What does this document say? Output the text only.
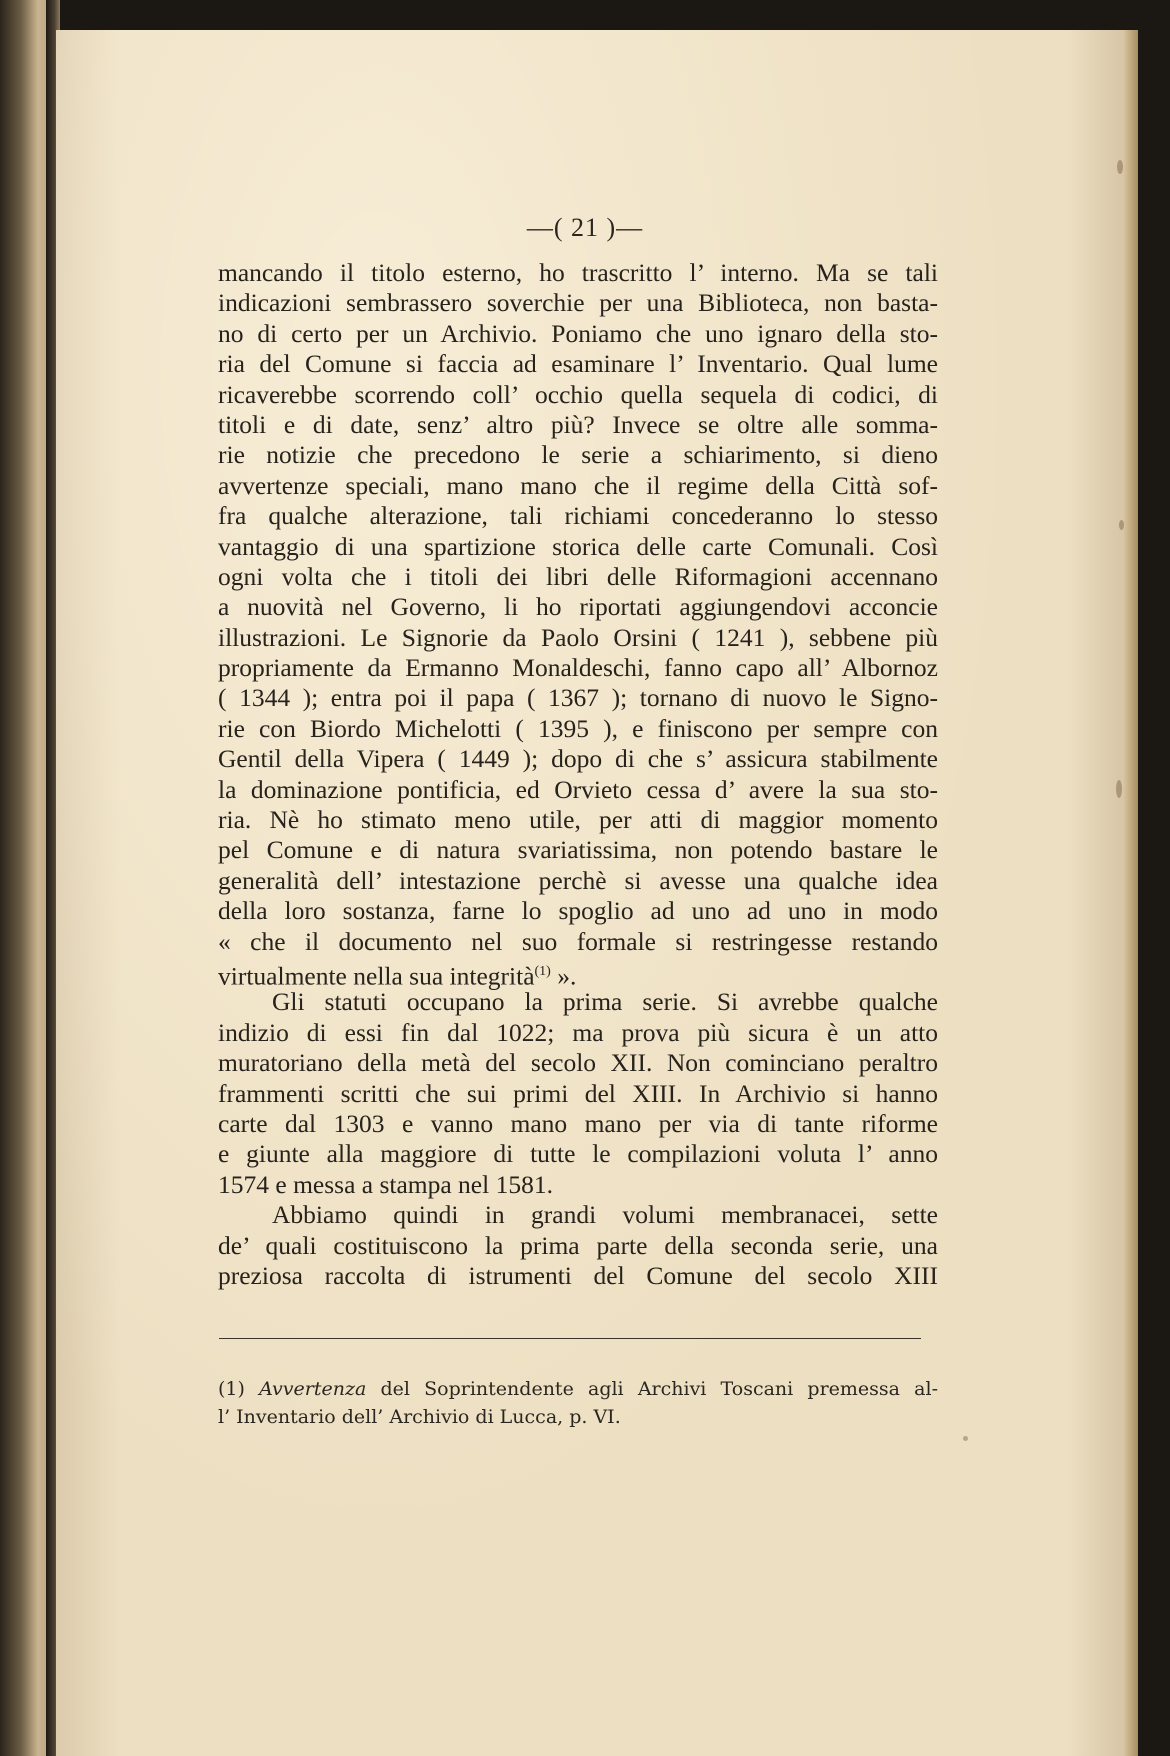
—( 21 )—
mancando il titolo esterno, ho trascritto l’ interno. Ma se tali
indicazioni sembrassero soverchie per una Biblioteca, non basta-
no di certo per un Archivio. Poniamo che uno ignaro della sto-
ria del Comune si faccia ad esaminare l’ Inventario. Qual lume
ricaverebbe scorrendo coll’ occhio quella sequela di codici, di
titoli e di date, senz’ altro più? Invece se oltre alle somma-
rie notizie che precedono le serie a schiarimento, si dieno
avvertenze speciali, mano mano che il regime della Città sof-
fra qualche alterazione, tali richiami concederanno lo stesso
vantaggio di una spartizione storica delle carte Comunali. Così
ogni volta che i titoli dei libri delle Riformagioni accennano
a nuovità nel Governo, li ho riportati aggiungendovi acconcie
illustrazioni. Le Signorie da Paolo Orsini ( 1241 ), sebbene più
propriamente da Ermanno Monaldeschi, fanno capo all’ Albornoz
( 1344 ); entra poi il papa ( 1367 ); tornano di nuovo le Signo-
rie con Biordo Michelotti ( 1395 ), e finiscono per sempre con
Gentil della Vipera ( 1449 ); dopo di che s’ assicura stabilmente
la dominazione pontificia, ed Orvieto cessa d’ avere la sua sto-
ria. Nè ho stimato meno utile, per atti di maggior momento
pel Comune e di natura svariatissima, non potendo bastare le
generalità dell’ intestazione perchè si avesse una qualche idea
della loro sostanza, farne lo spoglio ad uno ad uno in modo
« che il documento nel suo formale si restringesse restando
virtualmente nella sua integrità$^{(1)}$ ».
Gli statuti occupano la prima serie. Si avrebbe qualche
indizio di essi fin dal 1022; ma prova più sicura è un atto
muratoriano della metà del secolo XII. Non cominciano peraltro
frammenti scritti che sui primi del XIII. In Archivio si hanno
carte dal 1303 e vanno mano mano per via di tante riforme
e giunte alla maggiore di tutte le compilazioni voluta l’ anno
1574 e messa a stampa nel 1581.
Abbiamo quindi in grandi volumi membranacei, sette
de’ quali costituiscono la prima parte della seconda serie, una
preziosa raccolta di istrumenti del Comune del secolo XIII
(1) Avvertenza del Soprintendente agli Archivi Toscani premessa al-
l’ Inventario dell’ Archivio di Lucca, p. VI.
